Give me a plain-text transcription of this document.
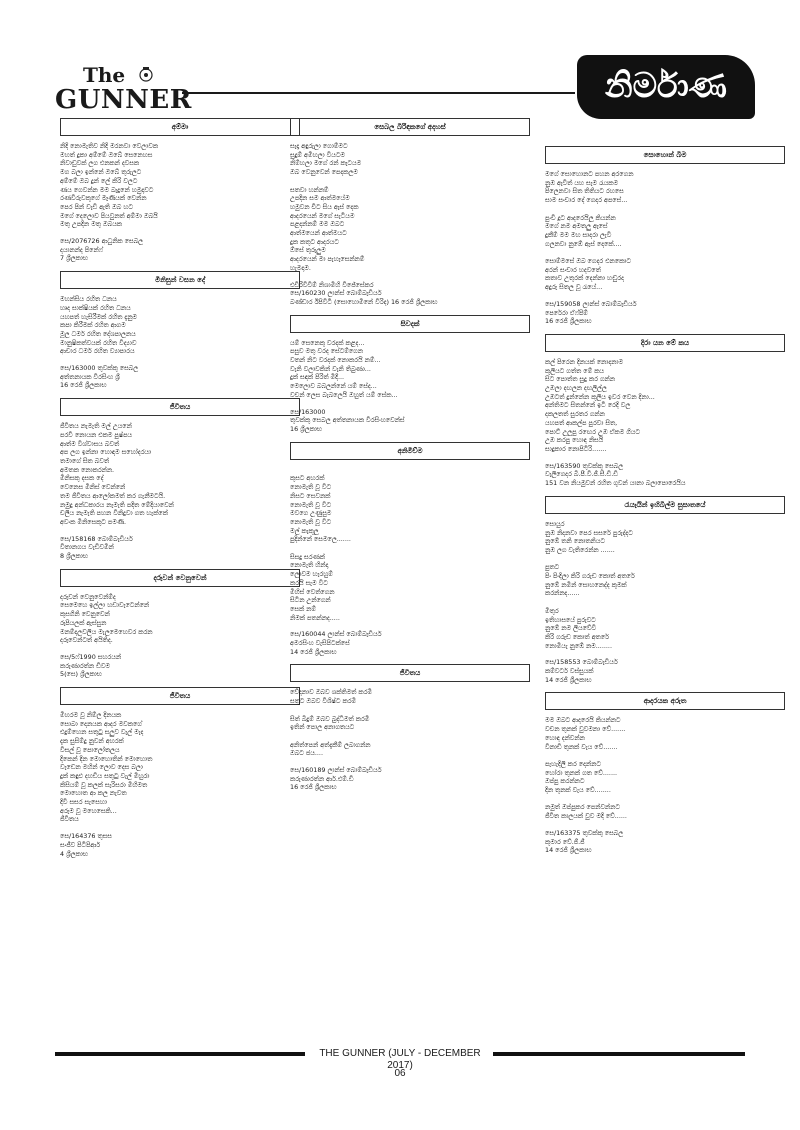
The
GUNNER	නිර්මාණ
අම්මා
නිදි නොමැතිව නිදි මරනවා වෙලාවක
මහත් දුකා අම්මේ ඔබේ සෙනෙහස
නිවාඩුවක් ලග එනකන් දවසක
මග බලා ඉන්නේ ඔබේ තුරුලට
අම්මේ ඔබ දුන් ලේ කිරි වලට
ණය ගෙවන්න මම බැදුනේ හමුදාවට
රණවිරුවකුගේ මෑණියක් වෙන්න
පෙර පින් වැඩි ඇති ඔබ හට
මගේ දෙලොව පියවුනත් අම්මා ඔබයි
මතු උපදින මතු ඔබයක
සෙ/2076726 ආධුනික සෙබල
දයානන්ද පිනේෆ්
7 ශ්‍රීලකාභ
මිනිසුන් වසන දේ
මහන්සිය රහිත ධනය
හෘද සාක්ෂියක් රහිත ධනය
යහපත් හැසිරීමක් රහිත දැනුම
කපා කිරීමක් රහිත ආගම
මූල ධර්ම රහිත දේශපාලනය
මානුෂිකත්වයක් රහිත විද්‍යාව
ආචාර ධර්ම රහිත ව්‍යාපාරය
සෙ/163000 තුවක්කු සෙබල
අත්තනායක වීරසිංහ ශ්‍රී
16 රෙජි ශ්‍රීලකාභ
ජීවිතය
ජීවිතය නැමැති මල් උයනේ
පරවී නොයන එකම පුෂ්පය
ආත්ම විශ්වාසය බවත්
අප ලග ඉන්නා හොඳම සහෝදරයා
තමාගේ සිත බවත්
අමතක නොකරන්න.
මිනිසකු දසක දේ
වෙනෙස මිනිස් වෙන්නේ
තම ජීවිතය ආලෝකමත් කර ගැනීමටයි.
නමුදු අන්ධකාරය නැමැති පදිත මේදියාවෙන්
චලිය නැමැති පහන විනිදුවා ගත හැක්කේ
අවංක මිනිසෙකුට පමණි.
සෙ/158168 බොම්බැඩියර්
විතානගය වැඩිවමින්
8 ශ්‍රීලකාභ
දරුවන් වෙනුවෙන්
දරුවන් වෙනුවෙන්ම්ද
සෙමෙහෙ ඉල්ලා හඩාවැටෙන්නේ
කුසගිනි වෙනුවෙන්
රුපියලක් ඇස්සුන
මනම්දලවලිය මැලමෙහෙවර කරන
දරුවෙන්ටත් අයිතිද.
සෙ/5ෆ්1990 සහරයන්
කරුණාරත්න ඩීවම
5(සෙ) ශ්‍රීලකාභ
ජීවිතය
මිහරම වූ නිම්ල දිනයක
සොබා දෙනයක ආදර මවකගේ
එදුම්හෙන සතුටු සලුව වැල් මැද
දැක සුසිම්දු නුවන් අහරක්
විසල් වූ පොලෝතලය
දිකෙන් දින මොහොතින් මොහොත
වැඩෙන මහින් ලොව දෙස බලා
දුක් කඳුළු දහඩිය සතුටු වැල් මිහුරා
කිසියම් වූ කලක් සැරිසරා මිහිමත
මොහොත ආ කල නැවත
දිවී සසර සැසෙහා
අරුම වූ මහෙසෙකි...
ජීවිතය
සෙ/164376 තුසස
සංජීව පිටිපිආර්
4 ශ්‍රීලකාභ
සෙබල බිරිඳකගේ අදහස්
සැදෑ අඳුරුලා ගොම්මට
සුදුම් අමිහලා වියටම
නිම්හලා මගේ රන් කැටයම
ඔබ වෙනුවෙන් පෙදකලම

සතවා හන්නම්
උපදින සම ආත්මයේම
හමුවන චිට සිය ඇස් දෙක
ආදරයෙන් මගේ සැටියම
පළදන්නම් මම ඔබට
ආත්මයෙන් ආත්මයට
දුක කතුට ආදරයට
ඕසේ තුරුලුම
ආදරයෙන් මා පැහැසෙන්නම්
හැමදාම.
එඩිරිවිවිම් නිශාමිහි විජේසේකර
සෙ/160230 ලාන්ස් බොම්බැඩියර්
බණ්ඩාර ඊපිවිටි (සොහොමිනේ විරිද) 16 රෙජි ශ්‍රීලකාභ
සිවදක්
යම් සෙනෙකු වරදක් කළද...
පසුව මතු වරද සේටම්ගෙන
වතන් නිට වරදක් නොකරයි නම්...
වැනි වලාවකින් වැනි තිබුණා...
දුක් සඳක් පිරිත් මිදී...
මෙලොව බබලන්නේ යම් සේද...
වචන් ලෙස බැබලෙයි ඔහුත් යම් සේක...
සෙ/163000
තුවක්කු සෙබල අත්තනායක වීරසිංහවෙන්ස්
16 ශ්‍රීලකාභ
අනිමිච්ම

කුසට අහරක්
නොමැති වූ විට
නිසට සෙවනක්
නොමැති වූ විට
මවගෙ උණුසුම
නොමැති වූ විට
මල් කැකුලු
පුදින්නේ සෙමලෙ.......

සිසදු සරණක්
නොමැති හින්දා
ලොවම හැරහුම්
කරයි සැම විට
මිහිස් වෙත්ගෙන
සිටින උන්ගෙන්
සෙක් නම්
නිමක් පතන්නද.....
සෙ/160044 ලාන්ස් බොම්බැඩියර්
අමරසිංහ වැසිපිටක්සේ
14 රෙජි ශ්‍රීලකාභ
ජීවිතය
වේදනාව ඔබව ශක්තිමත් කරමී
සතුට ඔබව විශිෂ්ට කරමී

සිත් බිදුම් ඔබව බුද්ධිමත් කරමී
ඉතින් පොල අනාගතයට

අනිත්පෙන් අත්දැකීම් ලබාගන්න
ඔබට ජය....
සෙ/160189 ලාන්ස් බොම්බැඩියර්
කරුණාරත්න ආර්.එම්.ඩී
16 රෙජි ශ්‍රීලකාභ
සොහොන් බිම
මගේ සොහොනට පහන අරගෙන
නුඹ ඇවිත් යහ සැම රැයකම
පිලෙනවා සිත තිතියට රහසෙ
සාම සංචාර දේ ගෙදර අපසේ...

පුංචි දූට ආදරෙයිලු කියන්න
මගේ නම අමතලු ඇසේ
දුකීම් මම මහ සාදරා ලැවී
ගලනවා නුඹේ ඇස් දෙකේ....

සොම්මසේ ඔබ ගෙදර එනකොට
අරන් සංචාර හදවතේ
කතාව උතුරක් දෙන්නා හඬුරද
අදුරු සිතල වූ රැයේ...
සෙ/159058 ලාන්ස් බොම්බැඩියර්
පෙරේරා ඒෆ්පිම්
16 රෙජි ශ්‍රීලකාභ
දිරා යන මේ කය
කල් පිරෙන දිනයක් නොදනාම
කුලියට ගත්ත මේ කය
සිට පොත්ත සුදු කර ගන්න
උඹලා දඟලන දඟලිල්ල
උඹටත් දුන්නේන කුලිය ඉවර වෙන දිනා...
අන්තිමට සිතන්නේ ඉටි රෙදි වල
දකලතත් සුරතර ගන්න
යහපත් ආකල්ප පුරවා සිත,
පොට් උලුපු රඟෙර උඹ ඒකම ගියට
උඹ කරපු හොඳ නිසයි
සාදුකාර නොපිටිරි.......
සෙ/163590 තුවක්කු සෙබල
වැලිගෙදර බී.පී.වී.ජී.සී.ඩී.ඩී
151 වන නියමුවන් රහිත ගුවන් යානා බලාපොරෙයිය
රැයෑයින් ඉහිබිල්ම සුසාතයේ
සොයුර
නුඹ නිදනවා පෙර සසරේ පුරුද්දට
නුඹේ තනි නොතනියට
නුඹ ලග වැතිරෙන්න .......

පුතට
පිං පිංදිලා කිරි ගරුඩ කොත් අතරේ
නුඹේ නමින් සොහනෙද්ද කුමක්
කරන්නද......

මිතුර
ඉතිහාසයේ පුරුවට
නුඹේ නම ලියවේවි
කිරි ගරුඩ කොත් අතරේ
නොමියැ නුඹේ නම........
සෙ/158553 බොම්බැඩියර්
කම්වර්ට වස්සුයක්
14 රෙජි ශ්‍රීලකාභ
ආදරයක අරුත
මම ඔබට ආදරෙයි කියන්නට
වචන තුනක් වුවමනා වේ.......
හොඳ දන්වන්න
විනාඩි තුනක් වැය වේ.......

පැහැදිලි කර දෙන්නට
හෝරා තුනක් ගත වේ.......
ඔප්පු කරන්නට
දින තුනක් වැය වේ........

නමුත් ඔප්පුකර පෙන්වන්නට
ජීවිත කාලයක් වුව මදි වේ......
සෙ/163375 තුවක්කු සෙබල
කුමාර වේ.ජී.ජී
14 රෙජි ශ්‍රීලකාභ
THE GUNNER (JULY - DECEMBER 2017)
06
